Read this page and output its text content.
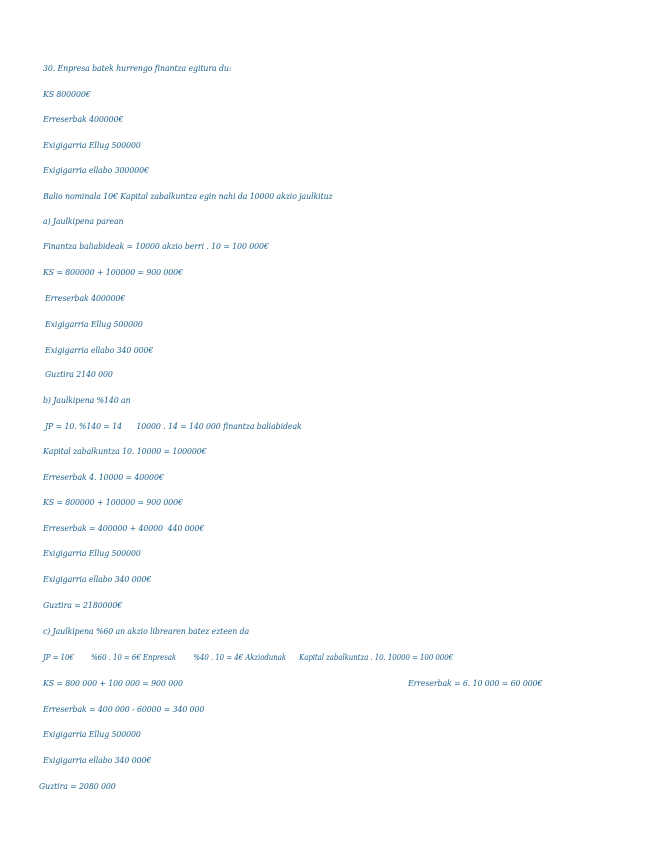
30. Enpresa batek hurrengo finantza egitura du:
KS 800000€
Erreserbak 400000€
Exigigarria Ellug 500000
Exigigarria ellabo 300000€
Balio nominala 10€ Kapital zabalkuntza egin nahi da 10000 akzio jaulkituz
a) Jaulkipena parean
Finantza baliabideak = 10000 akzio berri . 10 = 100 000€
KS = 800000 + 100000 = 900 000€
Erreserbak 400000€
Exigigarria Ellug 500000
Exigigarria ellabo 340 000€
Guztira 2140 000
b) Jaulkipena %140 an
JP = 10. %140 = 14      10000 . 14 = 140 000 finantza baliabideak
Kapital zabalkuntza 10. 10000 = 100000€
Erreserbak 4. 10000 = 40000€
KS = 800000 + 100000 = 900 000€
Erreserbak = 400000 + 40000  440 000€
Exigigarria Ellug 500000
Exigigarria ellabo 340 000€
Guztira = 2180000€
c) Jaulkipena %60 an akzio librearen batez ezteen da
JP = 10€        %60 . 10 = 6€ Enpresak        %40 . 10 = 4€ Akziodunak      Kapital zabalkuntza . 10. 10000 = 100 000€
KS = 800 000 + 100 000 = 900 000	Erreserbak = 6. 10 000 = 60 000€
Erreserbak = 400 000 - 60000 = 340 000
Exigigarria Ellug 500000
Exigigarria ellabo 340 000€
Guztira = 2080 000
